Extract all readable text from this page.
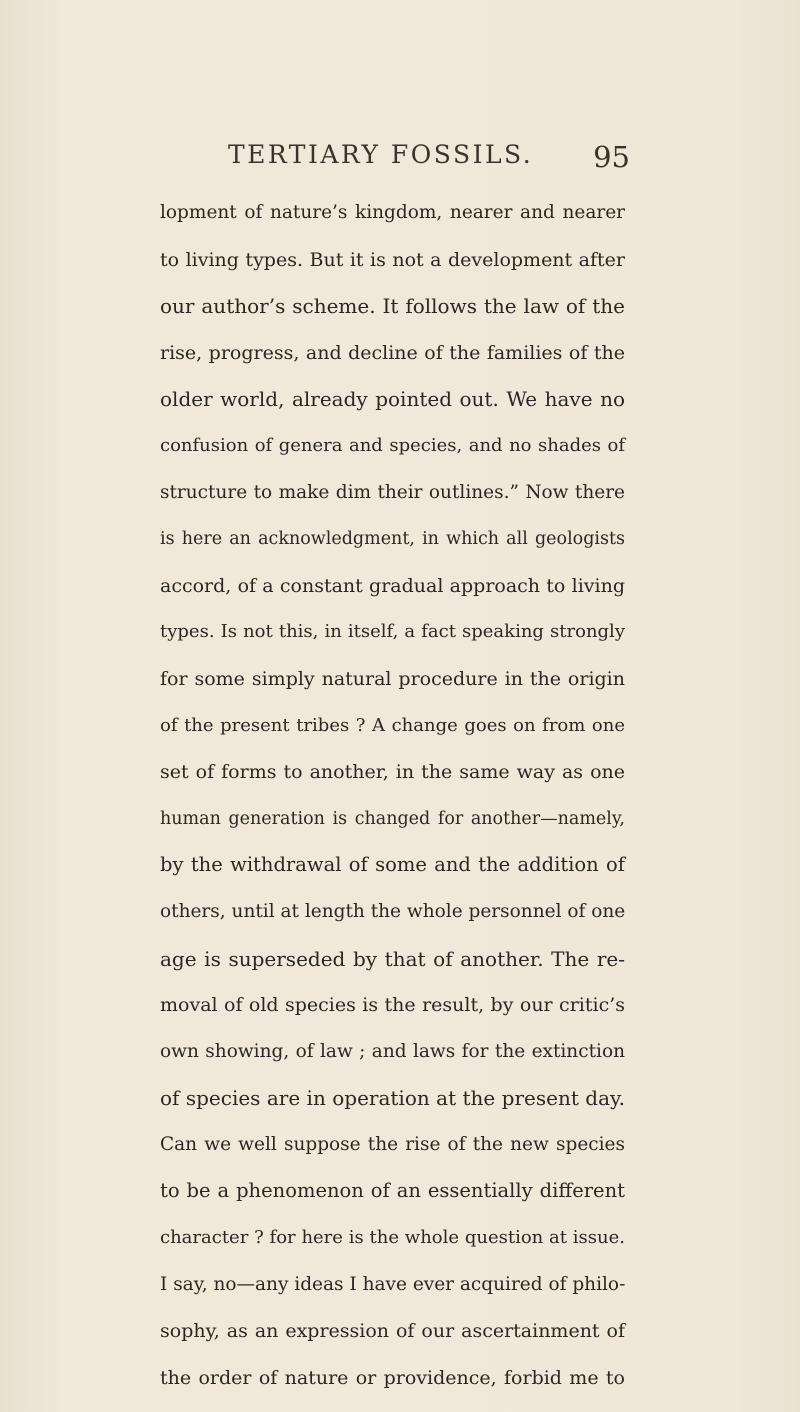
TERTIARY FOSSILS.	95
lopment of nature’s kingdom, nearer and nearer
to living types. But it is not a development after
our author’s scheme. It follows the law of the
rise, progress, and decline of the families of the
older world, already pointed out. We have no
confusion of genera and species, and no shades of
structure to make dim their outlines.” Now there
is here an acknowledgment, in which all geologists
accord, of a constant gradual approach to living
types. Is not this, in itself, a fact speaking strongly
for some simply natural procedure in the origin
of the present tribes ? A change goes on from one
set of forms to another, in the same way as one
human generation is changed for another—namely,
by the withdrawal of some and the addition of
others, until at length the whole personnel of one
age is superseded by that of another. The re-
moval of old species is the result, by our critic’s
own showing, of law ; and laws for the extinction
of species are in operation at the present day.
Can we well suppose the rise of the new species
to be a phenomenon of an essentially different
character ? for here is the whole question at issue.
I say, no—any ideas I have ever acquired of philo-
sophy, as an expression of our ascertainment of
the order of nature or providence, forbid me to
